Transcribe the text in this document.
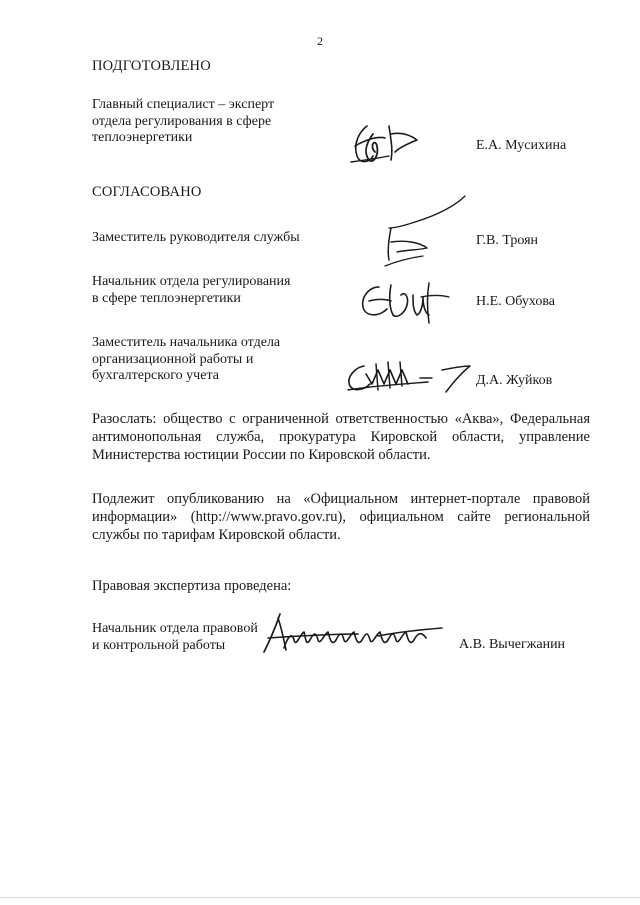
2
ПОДГОТОВЛЕНО
Главный специалист – эксперт
отдела регулирования в сфере
теплоэнергетики
Е.А. Мусихина
СОГЛАСОВАНО
Заместитель руководителя службы	Г.В. Троян
Начальник отдела регулирования
в сфере теплоэнергетики	Н.Е. Обухова
Заместитель начальника отдела
организационной работы и
бухгалтерского учета	Д.А. Жуйков
Разослать: общество с ограниченной ответственностью «Аква», Федеральная антимонопольная служба, прокуратура Кировской области, управление Министерства юстиции России по Кировской области.
Подлежит опубликованию на «Официальном интернет-портале правовой информации» (http://www.pravo.gov.ru), официальном сайте региональной службы по тарифам Кировской области.
Правовая экспертиза проведена:
Начальник отдела правовой
и контрольной работы	А.В. Вычегжанин
